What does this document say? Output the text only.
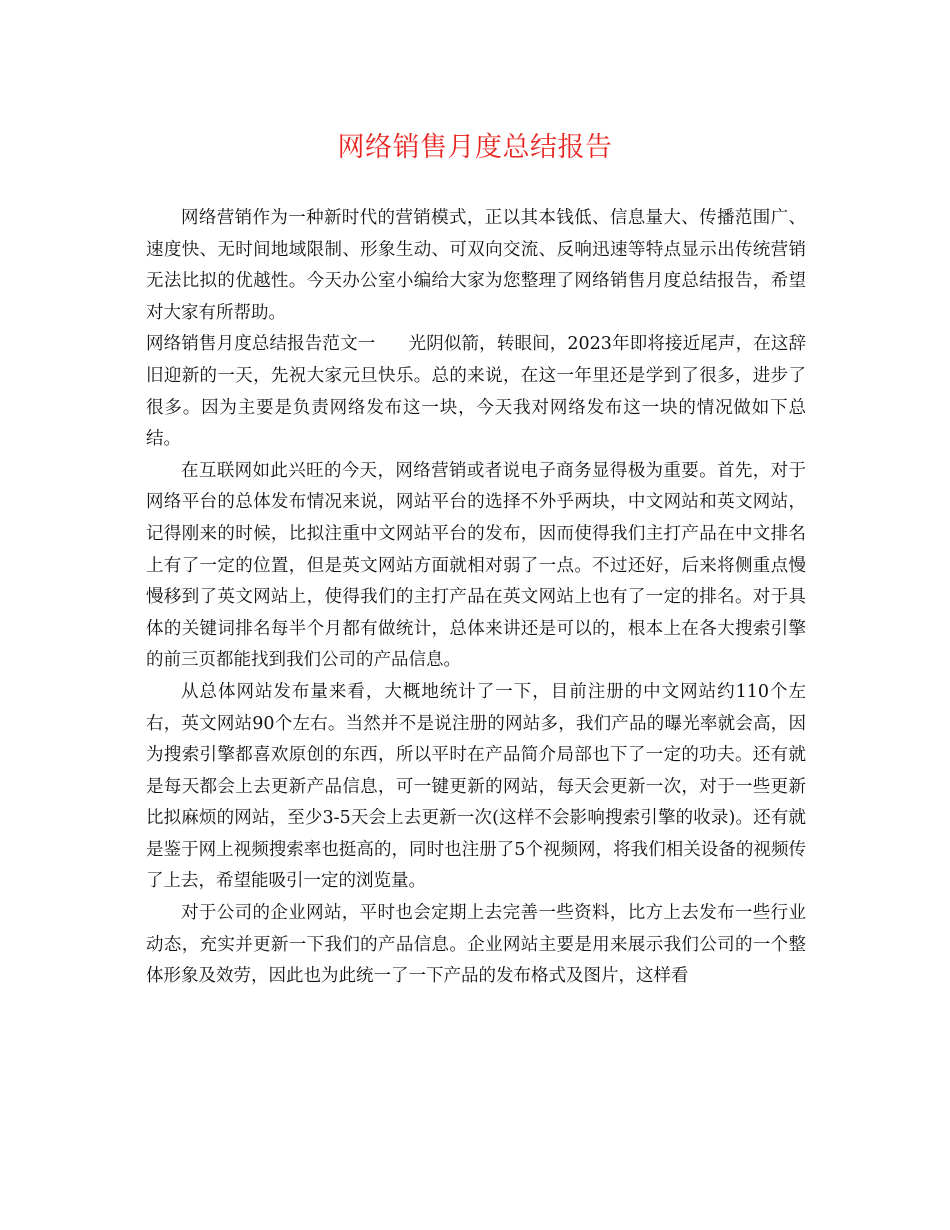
网络销售月度总结报告

网络营销作为一种新时代的营销模式，正以其本钱低、信息量大、传播范围广、速度快、无时间地域限制、形象生动、可双向交流、反响迅速等特点显示出传统营销无法比拟的优越性。今天办公室小编给大家为您整理了网络销售月度总结报告，希望对大家有所帮助。

网络销售月度总结报告范文一 光阴似箭，转眼间，2023年即将接近尾声，在这辞旧迎新的一天，先祝大家元旦快乐。总的来说，在这一年里还是学到了很多，进步了很多。因为主要是负责网络发布这一块，今天我对网络发布这一块的情况做如下总结。

在互联网如此兴旺的今天，网络营销或者说电子商务显得极为重要。首先，对于网络平台的总体发布情况来说，网站平台的选择不外乎两块，中文网站和英文网站，记得刚来的时候，比拟注重中文网站平台的发布，因而使得我们主打产品在中文排名上有了一定的位置，但是英文网站方面就相对弱了一点。不过还好，后来将侧重点慢慢移到了英文网站上，使得我们的主打产品在英文网站上也有了一定的排名。对于具体的关键词排名每半个月都有做统计，总体来讲还是可以的，根本上在各大搜索引擎的前三页都能找到我们公司的产品信息。

从总体网站发布量来看，大概地统计了一下，目前注册的中文网站约110个左右，英文网站90个左右。当然并不是说注册的网站多，我们产品的曝光率就会高，因为搜索引擎都喜欢原创的东西，所以平时在产品简介局部也下了一定的功夫。还有就是每天都会上去更新产品信息，可一键更新的网站，每天会更新一次，对于一些更新比拟麻烦的网站，至少3-5天会上去更新一次(这样不会影响搜索引擎的收录)。还有就是鉴于网上视频搜索率也挺高的，同时也注册了5个视频网，将我们相关设备的视频传了上去，希望能吸引一定的浏览量。

对于公司的企业网站，平时也会定期上去完善一些资料，比方上去发布一些行业动态，充实并更新一下我们的产品信息。企业网站主要是用来展示我们公司的一个整体形象及效劳，因此也为此统一了一下产品的发布格式及图片，这样看
